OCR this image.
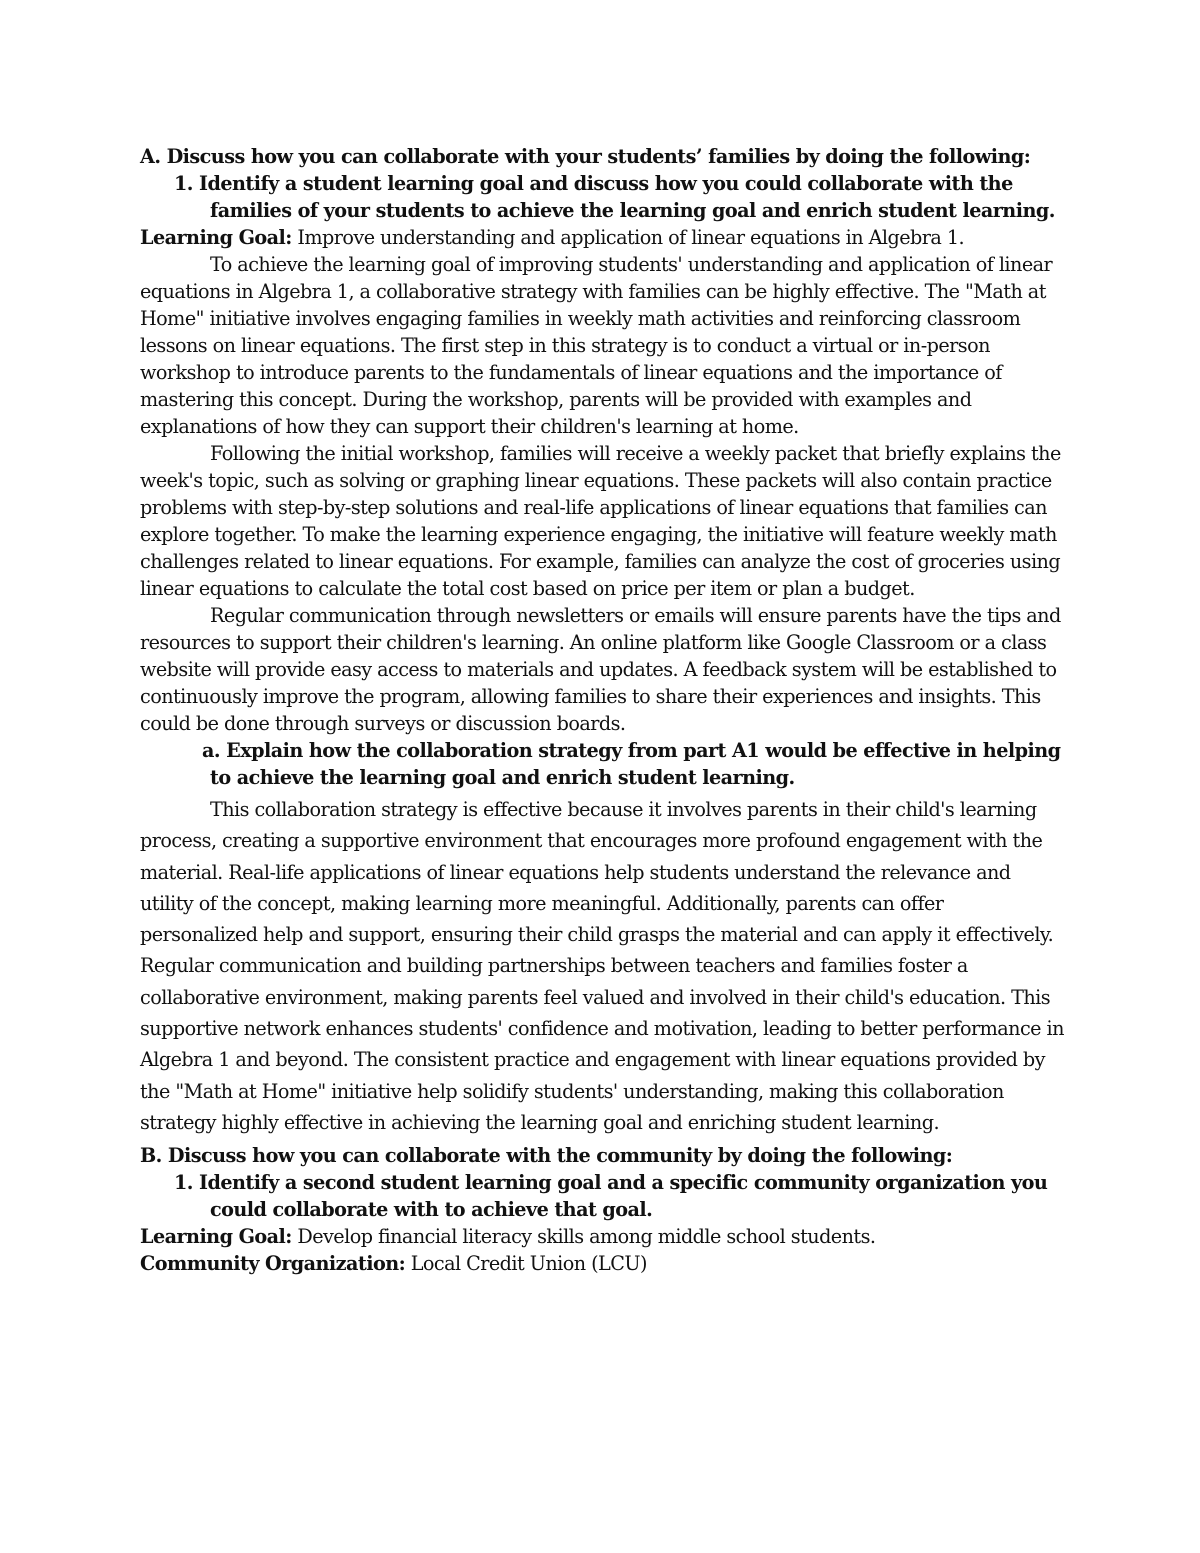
A. Discuss how you can collaborate with your students’ families by doing the following:

1. Identify a student learning goal and discuss how you could collaborate with the families of your students to achieve the learning goal and enrich student learning.

Learning Goal: Improve understanding and application of linear equations in Algebra 1.

To achieve the learning goal of improving students' understanding and application of linear equations in Algebra 1, a collaborative strategy with families can be highly effective. The "Math at Home" initiative involves engaging families in weekly math activities and reinforcing classroom lessons on linear equations. The first step in this strategy is to conduct a virtual or in-person workshop to introduce parents to the fundamentals of linear equations and the importance of mastering this concept. During the workshop, parents will be provided with examples and explanations of how they can support their children's learning at home.

Following the initial workshop, families will receive a weekly packet that briefly explains the week's topic, such as solving or graphing linear equations. These packets will also contain practice problems with step-by-step solutions and real-life applications of linear equations that families can explore together. To make the learning experience engaging, the initiative will feature weekly math challenges related to linear equations. For example, families can analyze the cost of groceries using linear equations to calculate the total cost based on price per item or plan a budget.

Regular communication through newsletters or emails will ensure parents have the tips and resources to support their children's learning. An online platform like Google Classroom or a class website will provide easy access to materials and updates. A feedback system will be established to continuously improve the program, allowing families to share their experiences and insights. This could be done through surveys or discussion boards.

a. Explain how the collaboration strategy from part A1 would be effective in helping to achieve the learning goal and enrich student learning.

This collaboration strategy is effective because it involves parents in their child's learning process, creating a supportive environment that encourages more profound engagement with the material. Real-life applications of linear equations help students understand the relevance and utility of the concept, making learning more meaningful. Additionally, parents can offer personalized help and support, ensuring their child grasps the material and can apply it effectively. Regular communication and building partnerships between teachers and families foster a collaborative environment, making parents feel valued and involved in their child's education. This supportive network enhances students' confidence and motivation, leading to better performance in Algebra 1 and beyond. The consistent practice and engagement with linear equations provided by the "Math at Home" initiative help solidify students' understanding, making this collaboration strategy highly effective in achieving the learning goal and enriching student learning.

B. Discuss how you can collaborate with the community by doing the following:

1. Identify a second student learning goal and a specific community organization you could collaborate with to achieve that goal.

Learning Goal: Develop financial literacy skills among middle school students.

Community Organization: Local Credit Union (LCU)
